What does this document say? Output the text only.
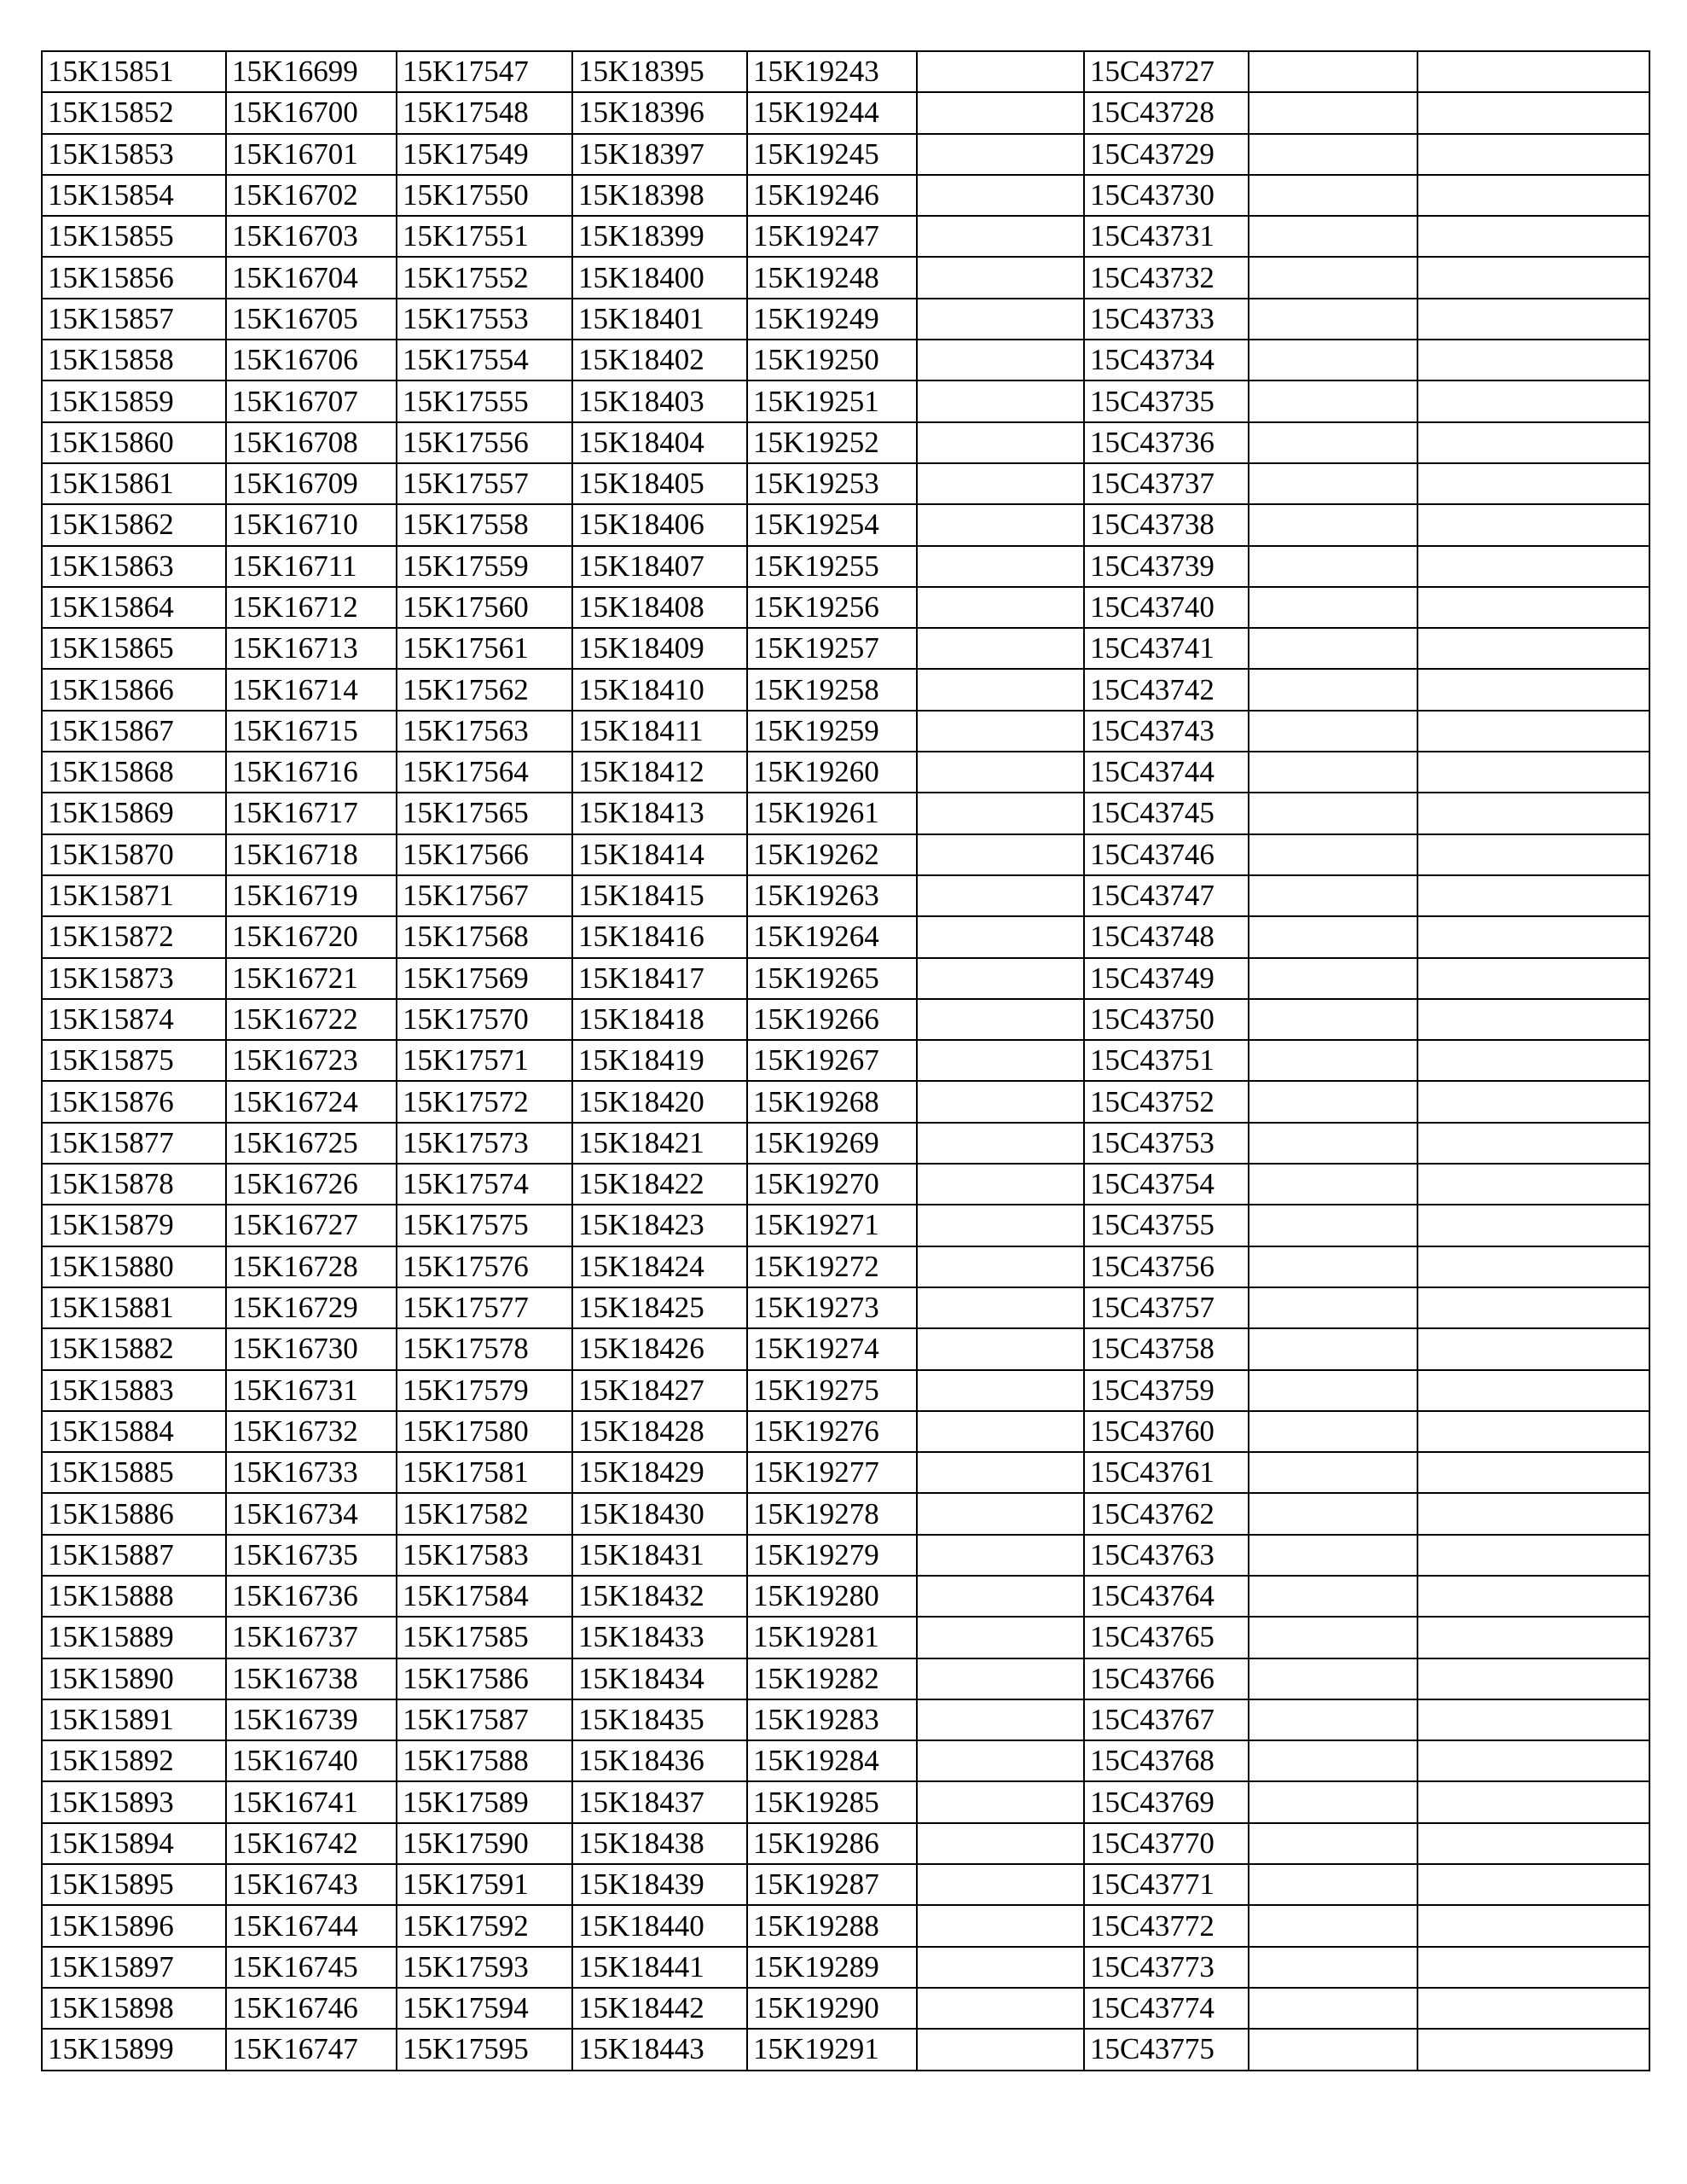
15K15851	15K16699	15K17547	15K18395	15K19243		15C43727		
15K15852	15K16700	15K17548	15K18396	15K19244		15C43728		
15K15853	15K16701	15K17549	15K18397	15K19245		15C43729		
15K15854	15K16702	15K17550	15K18398	15K19246		15C43730		
15K15855	15K16703	15K17551	15K18399	15K19247		15C43731		
15K15856	15K16704	15K17552	15K18400	15K19248		15C43732		
15K15857	15K16705	15K17553	15K18401	15K19249		15C43733		
15K15858	15K16706	15K17554	15K18402	15K19250		15C43734		
15K15859	15K16707	15K17555	15K18403	15K19251		15C43735		
15K15860	15K16708	15K17556	15K18404	15K19252		15C43736		
15K15861	15K16709	15K17557	15K18405	15K19253		15C43737		
15K15862	15K16710	15K17558	15K18406	15K19254		15C43738		
15K15863	15K16711	15K17559	15K18407	15K19255		15C43739		
15K15864	15K16712	15K17560	15K18408	15K19256		15C43740		
15K15865	15K16713	15K17561	15K18409	15K19257		15C43741		
15K15866	15K16714	15K17562	15K18410	15K19258		15C43742		
15K15867	15K16715	15K17563	15K18411	15K19259		15C43743		
15K15868	15K16716	15K17564	15K18412	15K19260		15C43744		
15K15869	15K16717	15K17565	15K18413	15K19261		15C43745		
15K15870	15K16718	15K17566	15K18414	15K19262		15C43746		
15K15871	15K16719	15K17567	15K18415	15K19263		15C43747		
15K15872	15K16720	15K17568	15K18416	15K19264		15C43748		
15K15873	15K16721	15K17569	15K18417	15K19265		15C43749		
15K15874	15K16722	15K17570	15K18418	15K19266		15C43750		
15K15875	15K16723	15K17571	15K18419	15K19267		15C43751		
15K15876	15K16724	15K17572	15K18420	15K19268		15C43752		
15K15877	15K16725	15K17573	15K18421	15K19269		15C43753		
15K15878	15K16726	15K17574	15K18422	15K19270		15C43754		
15K15879	15K16727	15K17575	15K18423	15K19271		15C43755		
15K15880	15K16728	15K17576	15K18424	15K19272		15C43756		
15K15881	15K16729	15K17577	15K18425	15K19273		15C43757		
15K15882	15K16730	15K17578	15K18426	15K19274		15C43758		
15K15883	15K16731	15K17579	15K18427	15K19275		15C43759		
15K15884	15K16732	15K17580	15K18428	15K19276		15C43760		
15K15885	15K16733	15K17581	15K18429	15K19277		15C43761		
15K15886	15K16734	15K17582	15K18430	15K19278		15C43762		
15K15887	15K16735	15K17583	15K18431	15K19279		15C43763		
15K15888	15K16736	15K17584	15K18432	15K19280		15C43764		
15K15889	15K16737	15K17585	15K18433	15K19281		15C43765		
15K15890	15K16738	15K17586	15K18434	15K19282		15C43766		
15K15891	15K16739	15K17587	15K18435	15K19283		15C43767		
15K15892	15K16740	15K17588	15K18436	15K19284		15C43768		
15K15893	15K16741	15K17589	15K18437	15K19285		15C43769		
15K15894	15K16742	15K17590	15K18438	15K19286		15C43770		
15K15895	15K16743	15K17591	15K18439	15K19287		15C43771		
15K15896	15K16744	15K17592	15K18440	15K19288		15C43772		
15K15897	15K16745	15K17593	15K18441	15K19289		15C43773		
15K15898	15K16746	15K17594	15K18442	15K19290		15C43774		
15K15899	15K16747	15K17595	15K18443	15K19291		15C43775		
